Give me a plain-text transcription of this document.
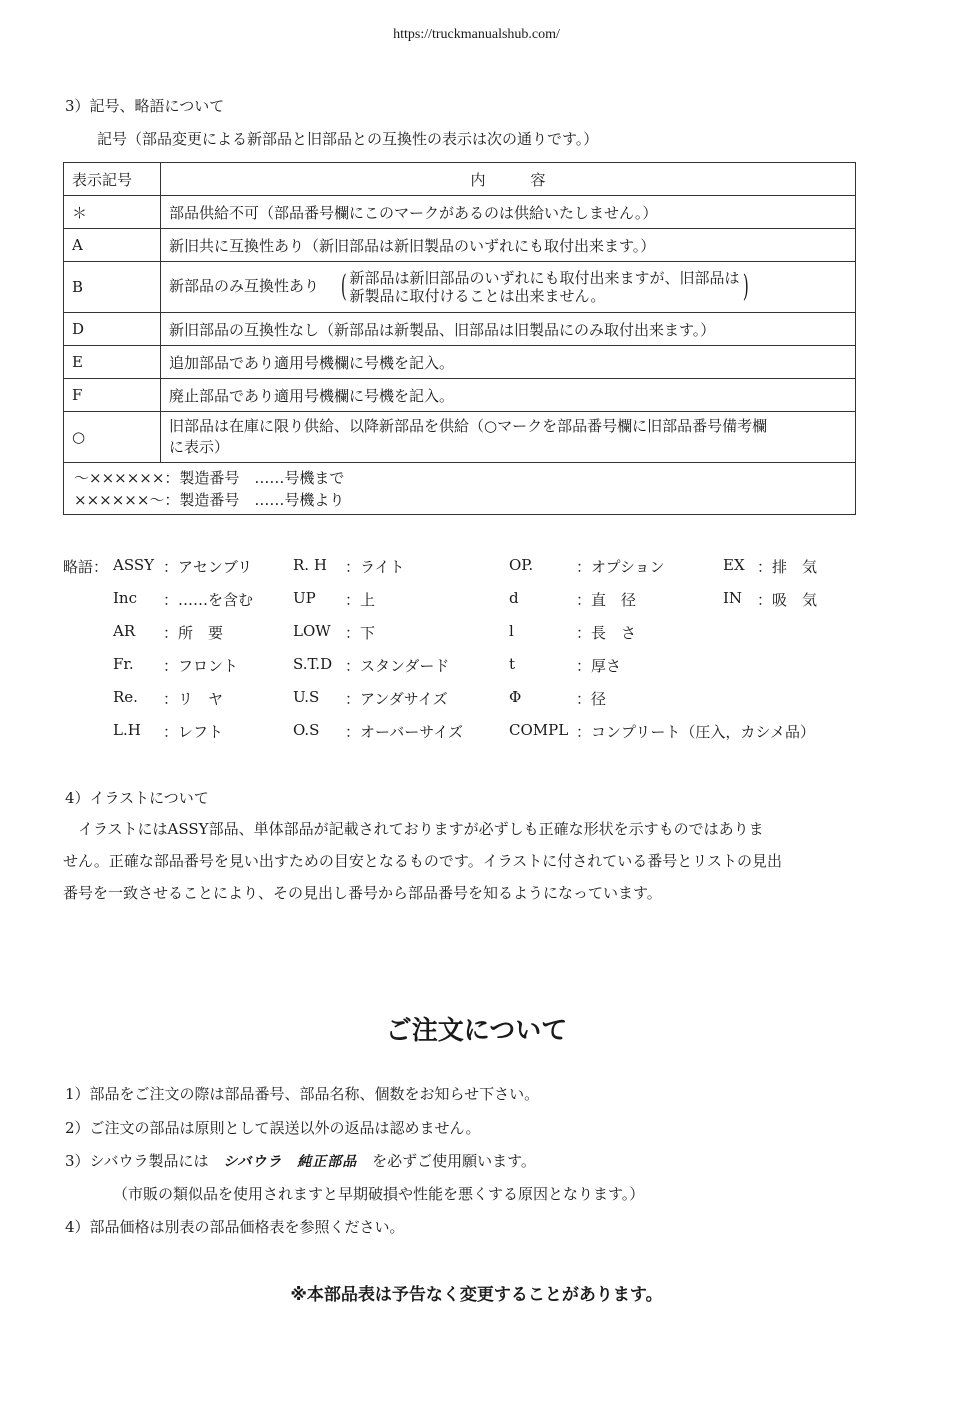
https://truckmanualshub.com/
3）記号、略語について
記号（部品変更による新部品と旧部品との互換性の表示は次の通りです。）
表示記号	内　　　容
＊	部品供給不可（部品番号欄にこのマークがあるのは供給いたしません。）
A	新旧共に互換性あり（新旧部品は新旧製品のいずれにも取付出来ます。）
B	新部品のみ互換性あり ( 新部品は新旧部品のいずれにも取付出来ますが、旧部品は
新製品に取付けることは出来ません。 )
D	新旧部品の互換性なし（新部品は新製品、旧部品は旧製品にのみ取付出来ます。）
E	追加部品であり適用号機欄に号機を記入。
F	廃止部品であり適用号機欄に号機を記入。
○	旧部品は在庫に限り供給、以降新部品を供給（○マークを部品番号欄に旧部品番号備考欄
に表示）
～××××××：製造番号　……号機まで
××××××～：製造番号　……号機より	
略語： ASSY ：アセンブリ	R. H ：ライト	OP.	：オプション	EX ：排　気
Inc ：……を含む	UP ：上	d	：直　径	IN ：吸　気
AR ：所　要	LOW ：下	l	：長　さ
Fr. ：フロント	S.T.D ：スタンダード	t	：厚さ
Re. ：リ　ヤ	U.S ：アンダサイズ	Φ	：径
L.H ：レフト	O.S ：オーバーサイズ	COMPL ：コンプリート（圧入，カシメ品）
4）イラストについて
　イラストにはASSY部品、単体部品が記載されておりますが必ずしも正確な形状を示すものではありま
せん。正確な部品番号を見い出すための目安となるものです。イラストに付されている番号とリストの見出
番号を一致させることにより、その見出し番号から部品番号を知るようになっています。
ご注文について
1）部品をご注文の際は部品番号、部品名称、個数をお知らせ下さい。
2）ご注文の部品は原則として誤送以外の返品は認めません。
3）シバウラ製品には シバウラ　純正部品 を必ずご使用願います。
（市販の類似品を使用されますと早期破損や性能を悪くする原因となります。）
4）部品価格は別表の部品価格表を参照ください。
※本部品表は予告なく変更することがあります。
